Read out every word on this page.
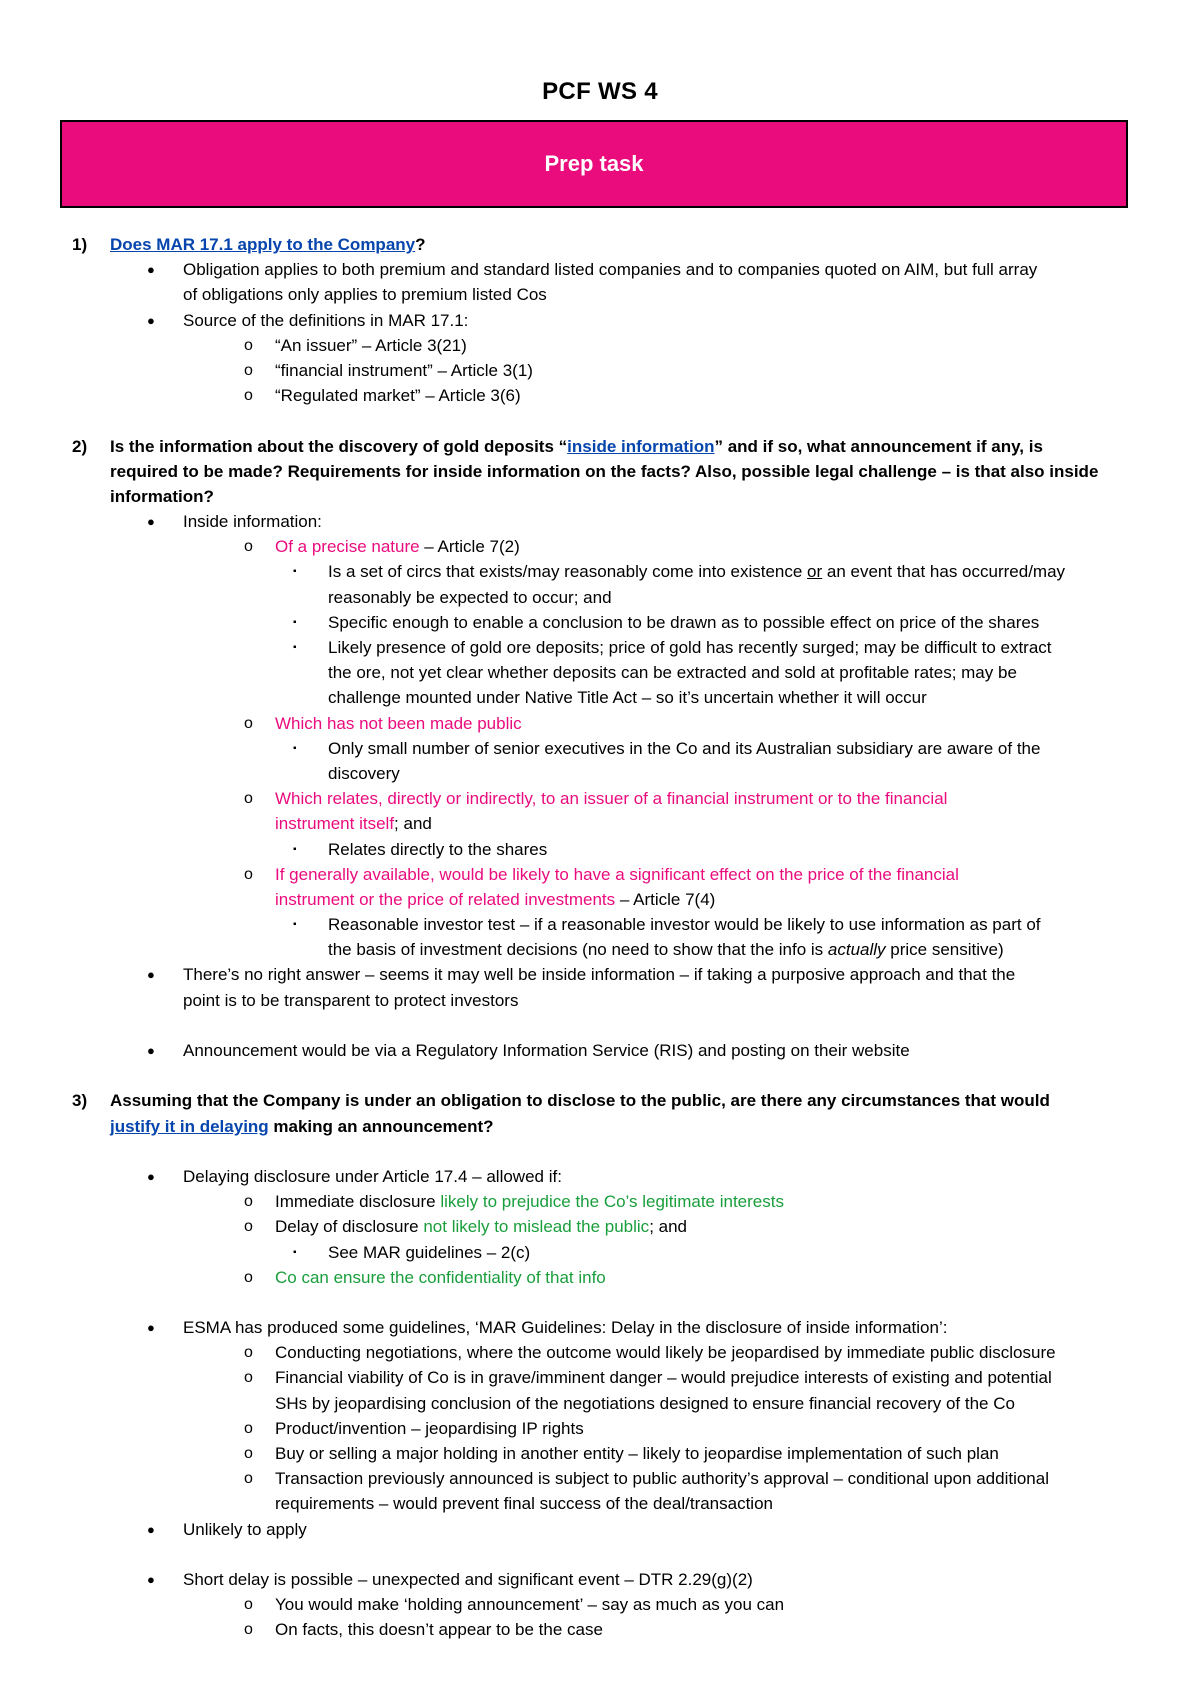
PCF WS 4
Prep task
1) Does MAR 17.1 apply to the Company?
● Obligation applies to both premium and standard listed companies and to companies quoted on AIM, but full array
of obligations only applies to premium listed Cos
● Source of the definitions in MAR 17.1:
o “An issuer” – Article 3(21)
o “financial instrument” – Article 3(1)
o “Regulated market” – Article 3(6)
2) Is the information about the discovery of gold deposits “inside information” and if so, what announcement if any, is
required to be made? Requirements for inside information on the facts? Also, possible legal challenge – is that also inside
information?
● Inside information:
o Of a precise nature – Article 7(2)
▪ Is a set of circs that exists/may reasonably come into existence or an event that has occurred/may
reasonably be expected to occur; and
▪ Specific enough to enable a conclusion to be drawn as to possible effect on price of the shares
▪ Likely presence of gold ore deposits; price of gold has recently surged; may be difficult to extract
the ore, not yet clear whether deposits can be extracted and sold at profitable rates; may be
challenge mounted under Native Title Act – so it’s uncertain whether it will occur
o Which has not been made public
▪ Only small number of senior executives in the Co and its Australian subsidiary are aware of the
discovery
o Which relates, directly or indirectly, to an issuer of a financial instrument or to the financial
instrument itself; and
▪ Relates directly to the shares
o If generally available, would be likely to have a significant effect on the price of the financial
instrument or the price of related investments – Article 7(4)
▪ Reasonable investor test – if a reasonable investor would be likely to use information as part of
the basis of investment decisions (no need to show that the info is actually price sensitive)
● There’s no right answer – seems it may well be inside information – if taking a purposive approach and that the
point is to be transparent to protect investors
● Announcement would be via a Regulatory Information Service (RIS) and posting on their website
3) Assuming that the Company is under an obligation to disclose to the public, are there any circumstances that would
justify it in delaying making an announcement?
● Delaying disclosure under Article 17.4 – allowed if:
o Immediate disclosure likely to prejudice the Co’s legitimate interests
o Delay of disclosure not likely to mislead the public; and
▪ See MAR guidelines – 2(c)
o Co can ensure the confidentiality of that info
● ESMA has produced some guidelines, ‘MAR Guidelines: Delay in the disclosure of inside information’:
o Conducting negotiations, where the outcome would likely be jeopardised by immediate public disclosure
o Financial viability of Co is in grave/imminent danger – would prejudice interests of existing and potential
SHs by jeopardising conclusion of the negotiations designed to ensure financial recovery of the Co
o Product/invention – jeopardising IP rights
o Buy or selling a major holding in another entity – likely to jeopardise implementation of such plan
o Transaction previously announced is subject to public authority’s approval – conditional upon additional
requirements – would prevent final success of the deal/transaction
● Unlikely to apply
● Short delay is possible – unexpected and significant event – DTR 2.29(g)(2)
o You would make ‘holding announcement’ – say as much as you can
o On facts, this doesn’t appear to be the case
